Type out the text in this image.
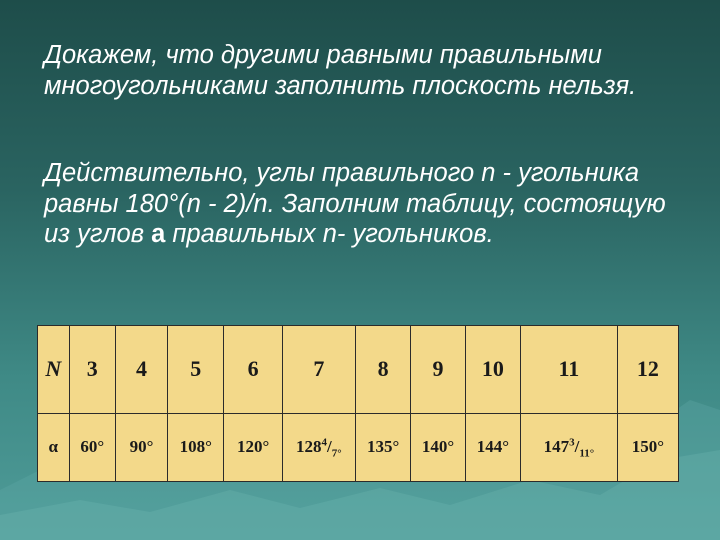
Докажем, что другими равными правильными многоугольниками заполнить плоскость нельзя.

Действительно, углы правильного n - угольника равны 180°(n - 2)/n. Заполним таблицу, состоящую из углов а правильных n- угольников.

N	3	4	5	6	7	8	9	10	11	12
α	60°	90°	108°	120°	$128^4/_{7^\circ}$	135°	140°	144°	$147^3/_{11^\circ}$	150°
